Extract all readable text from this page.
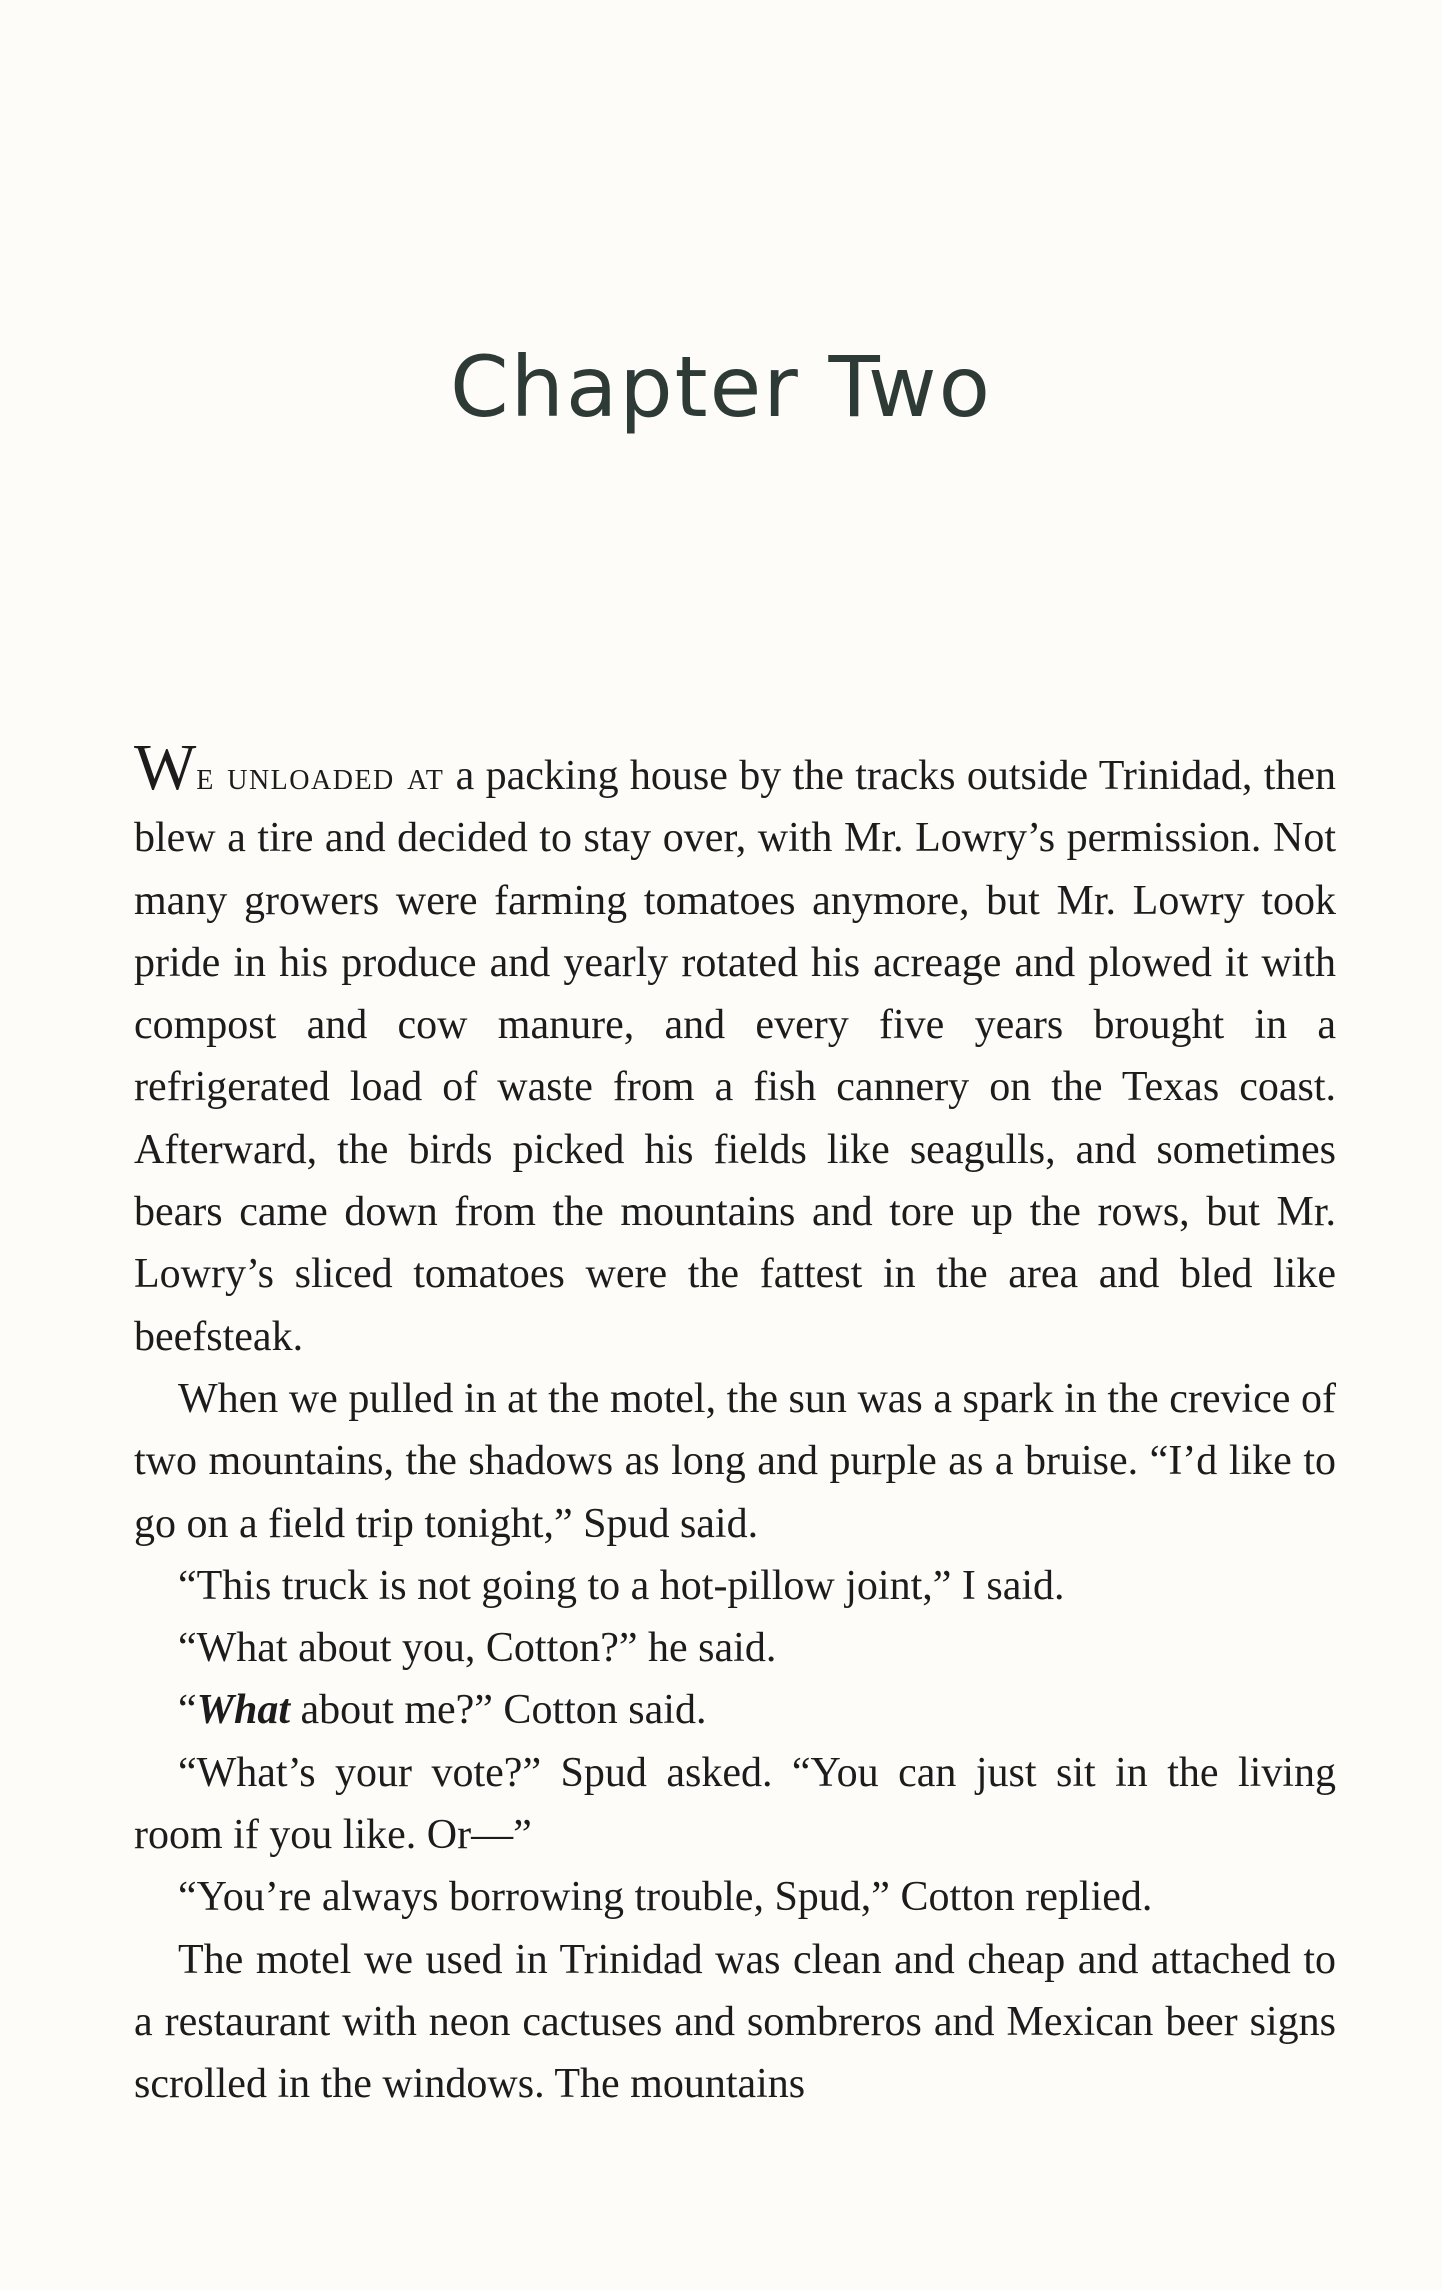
Chapter Two

We unloaded at a packing house by the tracks outside Trinidad, then blew a tire and decided to stay over, with Mr. Lowry’s permission. Not many growers were farming tomatoes anymore, but Mr. Lowry took pride in his produce and yearly rotated his acreage and plowed it with compost and cow manure, and every five years brought in a refrigerated load of waste from a fish cannery on the Texas coast. Afterward, the birds picked his fields like seagulls, and sometimes bears came down from the mountains and tore up the rows, but Mr. Lowry’s sliced tomatoes were the fattest in the area and bled like beefsteak.

When we pulled in at the motel, the sun was a spark in the crevice of two mountains, the shadows as long and purple as a bruise. “I’d like to go on a field trip tonight,” Spud said.

“This truck is not going to a hot-pillow joint,” I said.

“What about you, Cotton?” he said.

“What about me?” Cotton said.

“What’s your vote?” Spud asked. “You can just sit in the living room if you like. Or—”

“You’re always borrowing trouble, Spud,” Cotton replied.

The motel we used in Trinidad was clean and cheap and attached to a restaurant with neon cactuses and sombreros and Mexican beer signs scrolled in the windows. The mountains
